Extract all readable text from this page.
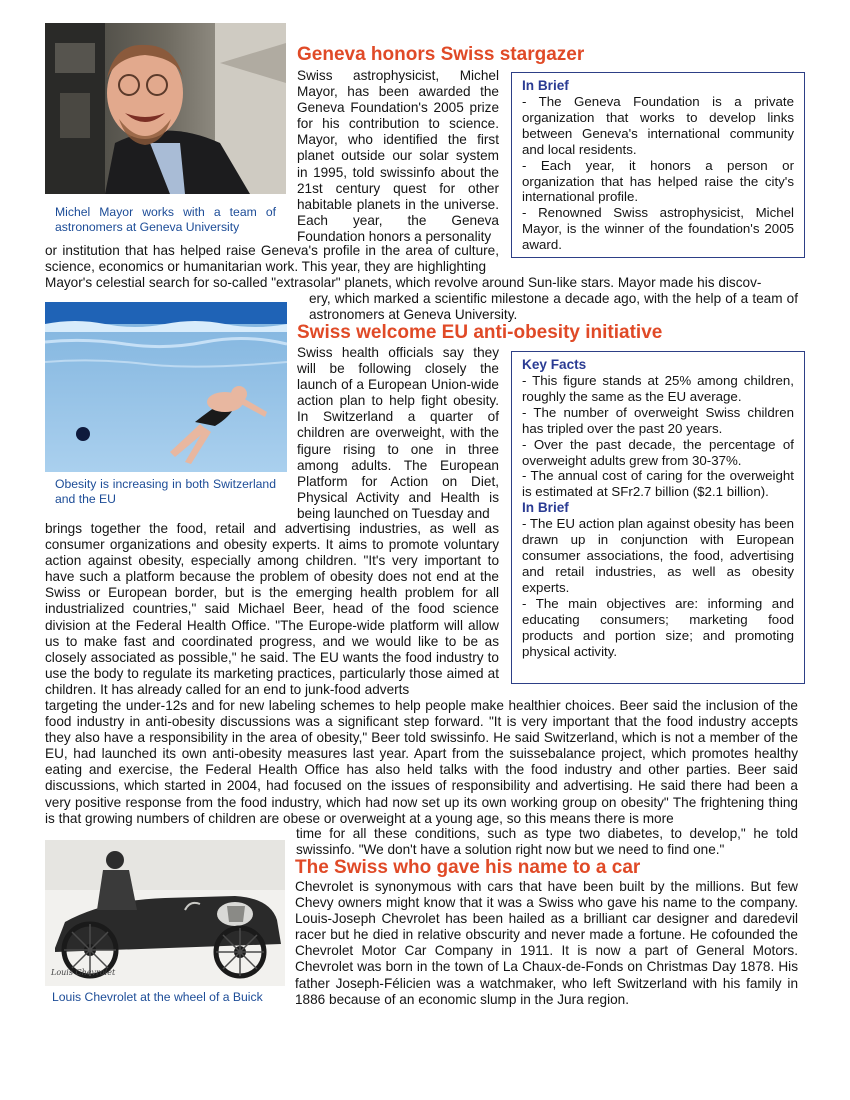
Michel Mayor works with a team of astronomers at Geneva University

Geneva honors Swiss stargazer

Swiss astrophysicist, Michel Mayor, has been awarded the Geneva Foundation's 2005 prize for his contribution to science. Mayor, who identified the first planet outside our solar system in 1995, told swissinfo about the 21st century quest for other habitable planets in the universe. Each year, the Geneva Foundation honors a personality

In Brief

- The Geneva Foundation is a private organization that works to develop links between Geneva's international community and local residents.

- Each year, it honors a person or organization that has helped raise the city's international profile.

- Renowned Swiss astrophysicist, Michel Mayor, is the winner of the foundation's 2005 award.

or institution that has helped raise Geneva's profile in the area of culture, science, economics or humanitarian work. This year, they are highlighting

Mayor's celestial search for so-called "extrasolar" planets, which revolve around Sun-like stars. Mayor made his discov-

ery, which marked a scientific milestone a decade ago, with the help of a team of astronomers at Geneva University.

Obesity is increasing in both Switzerland and the EU

Swiss welcome EU anti-obesity initiative

Swiss health officials say they will be following closely the launch of a European Union-wide action plan to help fight obesity. In Switzerland a quarter of children are overweight, with the figure rising to one in three among adults. The European Platform for Action on Diet, Physical Activity and Health is being launched on Tuesday and

Key Facts

- This figure stands at 25% among children, roughly the same as the EU average.

- The number of overweight Swiss children has tripled over the past 20 years.

- Over the past decade, the percentage of overweight adults grew from 30-37%.

- The annual cost of caring for the overweight is estimated at SFr2.7 billion ($2.1 billion).

In Brief

- The EU action plan against obesity has been drawn up in conjunction with European consumer associations, the food, advertising and retail industries, as well as obesity experts.

- The main objectives are: informing and educating consumers; marketing food products and portion size; and promoting physical activity.

brings together the food, retail and advertising industries, as well as consumer organizations and obesity experts. It aims to promote voluntary action against obesity, especially among children. "It's very important to have such a platform because the problem of obesity does not end at the Swiss or European border, but is the emerging health problem for all industrialized countries," said Michael Beer, head of the food science division at the Federal Health Office. "The Europe-wide platform will allow us to make fast and coordinated progress, and we would like to be as closely associated as possible," he said. The EU wants the food industry to use the body to regulate its marketing practices, particularly those aimed at children. It has already called for an end to junk-food adverts

targeting the under-12s and for new labeling schemes to help people make healthier choices. Beer said the inclusion of the food industry in anti-obesity discussions was a significant step forward. "It is very important that the food industry accepts they also have a responsibility in the area of obesity," Beer told swissinfo. He said Switzerland, which is not a member of the EU, had launched its own anti-obesity measures last year. Apart from the suissebalance project, which promotes healthy eating and exercise, the Federal Health Office has also held talks with the food industry and other parties. Beer said discussions, which started in 2004, had focused on the issues of responsibility and advertising. He said there had been a very positive response from the food industry, which had now set up its own working group on obesity" The frightening thing is that growing numbers of children are obese or overweight at a young age, so this means there is more

time for all these conditions, such as type two diabetes, to develop," he told swissinfo. "We don't have a solution right now but we need to find one."

Louis Chevrolet

Louis Chevrolet at the wheel of a Buick

The Swiss who gave his name to a car

Chevrolet is synonymous with cars that have been built by the millions. But few Chevy owners might know that it was a Swiss who gave his name to the company. Louis-Joseph Chevrolet has been hailed as a brilliant car designer and daredevil racer but he died in relative obscurity and never made a fortune. He cofounded the Chevrolet Motor Car Company in 1911. It is now a part of General Motors. Chevrolet was born in the town of La Chaux-de-Fonds on Christmas Day 1878. His father Joseph-Félicien was a watchmaker, who left Switzerland with his family in 1886 because of an economic slump in the Jura region.
